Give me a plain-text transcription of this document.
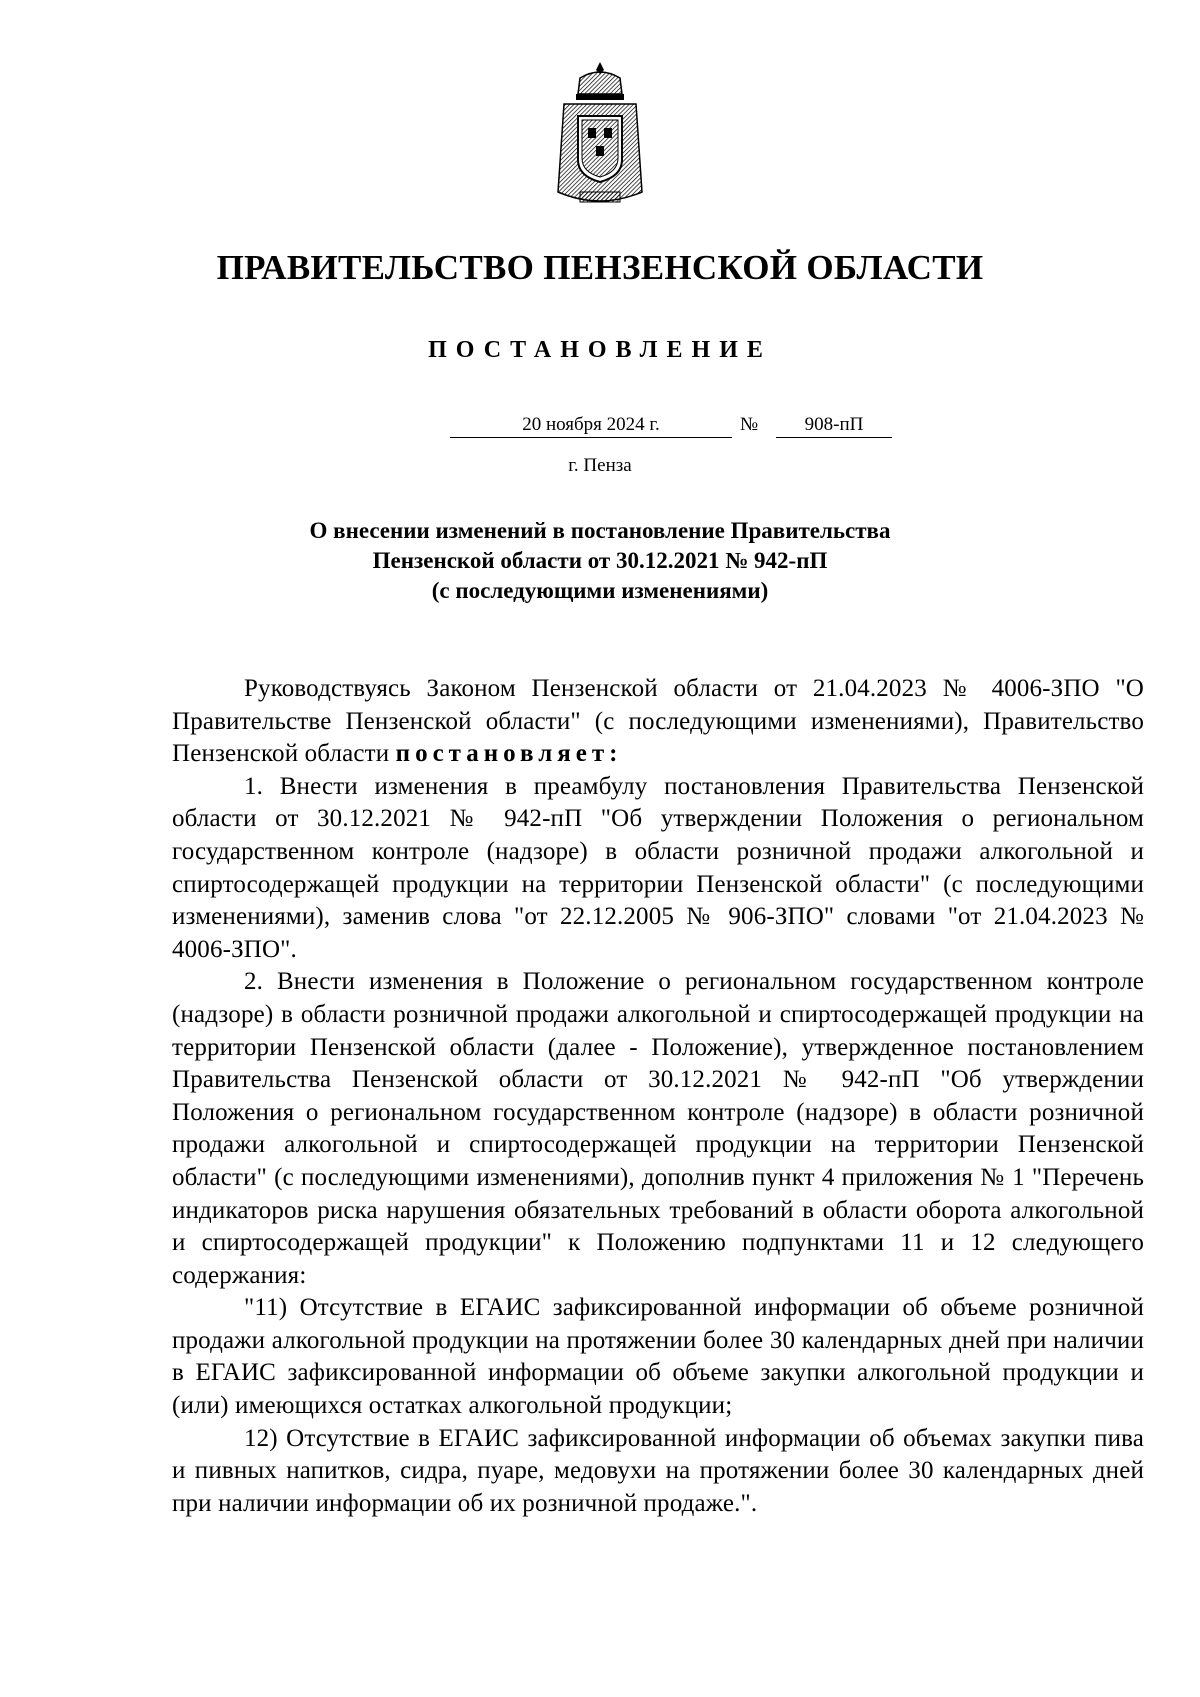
ПРАВИТЕЛЬСТВО ПЕНЗЕНСКОЙ ОБЛАСТИ
ПОСТАНОВЛЕНИЕ
20 ноября 2024 г.	№	908-пП
г. Пенза
О внесении изменений в постановление Правительства
Пензенской области от 30.12.2021 № 942-пП
(с последующими изменениями)

Руководствуясь Законом Пензенской области от 21.04.2023 № 4006-ЗПО "О Правительстве Пензенской области" (с последующими изменениями), Правительство Пензенской области постановляет:

1. Внести изменения в преамбулу постановления Правительства Пензенской области от 30.12.2021 № 942-пП "Об утверждении Положения о региональном государственном контроле (надзоре) в области розничной продажи алкогольной и спиртосодержащей продукции на территории Пензенской области" (с последующими изменениями), заменив слова "от 22.12.2005 № 906-ЗПО" словами "от 21.04.2023 № 4006-ЗПО".

2. Внести изменения в Положение о региональном государственном контроле (надзоре) в области розничной продажи алкогольной и спиртосодержащей продукции на территории Пензенской области (далее - Положение), утвержденное постановлением Правительства Пензенской области от 30.12.2021 № 942-пП "Об утверждении Положения о региональном государственном контроле (надзоре) в области розничной продажи алкогольной и спиртосодержащей продукции на территории Пензенской области" (с последующими изменениями), дополнив пункт 4 приложения № 1 "Перечень индикаторов риска нарушения обязательных требований в области оборота алкогольной и спиртосодержащей продукции" к Положению подпунктами 11 и 12 следующего содержания:

"11) Отсутствие в ЕГАИС зафиксированной информации об объеме розничной продажи алкогольной продукции на протяжении более 30 календарных дней при наличии в ЕГАИС зафиксированной информации об объеме закупки алкогольной продукции и (или) имеющихся остатках алкогольной продукции;

12) Отсутствие в ЕГАИС зафиксированной информации об объемах закупки пива и пивных напитков, сидра, пуаре, медовухи на протяжении более 30 календарных дней при наличии информации об их розничной продаже.".
